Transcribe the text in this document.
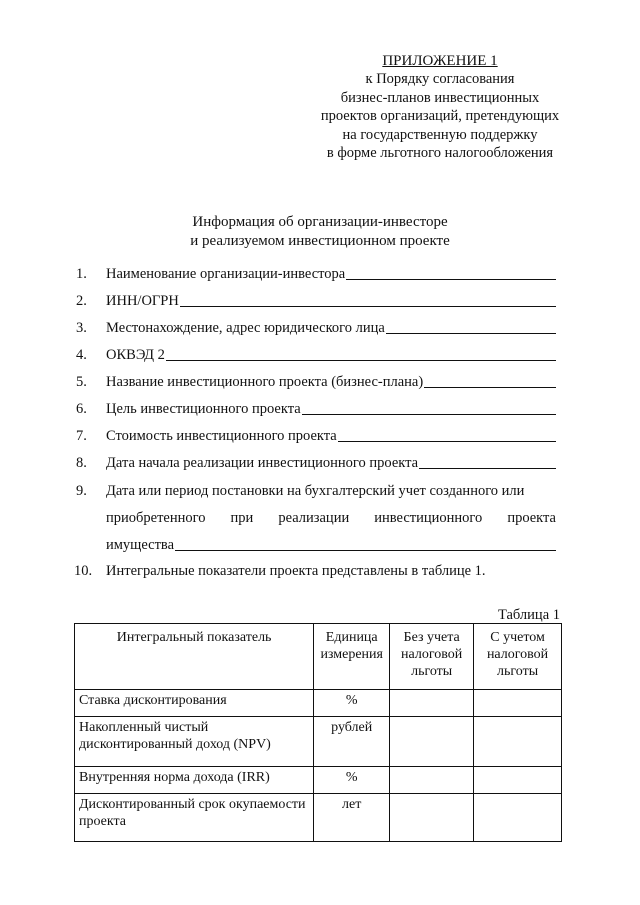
ПРИЛОЖЕНИЕ 1
к Порядку согласования
бизнес-планов инвестиционных
проектов организаций, претендующих
на государственную поддержку
в форме льготного налогообложения
Информация об организации-инвесторе
и реализуемом инвестиционном проекте
1. Наименование организации-инвестора
2. ИНН/ОГРН
3. Местонахождение, адрес юридического лица
4. ОКВЭД 2
5. Название инвестиционного проекта (бизнес-плана)
6. Цель инвестиционного проекта
7. Стоимость инвестиционного проекта
8. Дата начала реализации инвестиционного проекта
9. Дата или период постановки на бухгалтерский учет созданного или
приобретенного при реализации инвестиционного проекта
имущества
10. Интегральные показатели проекта представлены в таблице 1.
Таблица 1
Интегральный показатель	Единица измерения	Без учета налоговой льготы	С учетом налоговой льготы
Ставка дисконтирования	%		
Накопленный чистый дисконтированный доход (NPV)	рублей		
Внутренняя норма дохода (IRR)	%		
Дисконтированный срок окупаемости проекта	лет		
